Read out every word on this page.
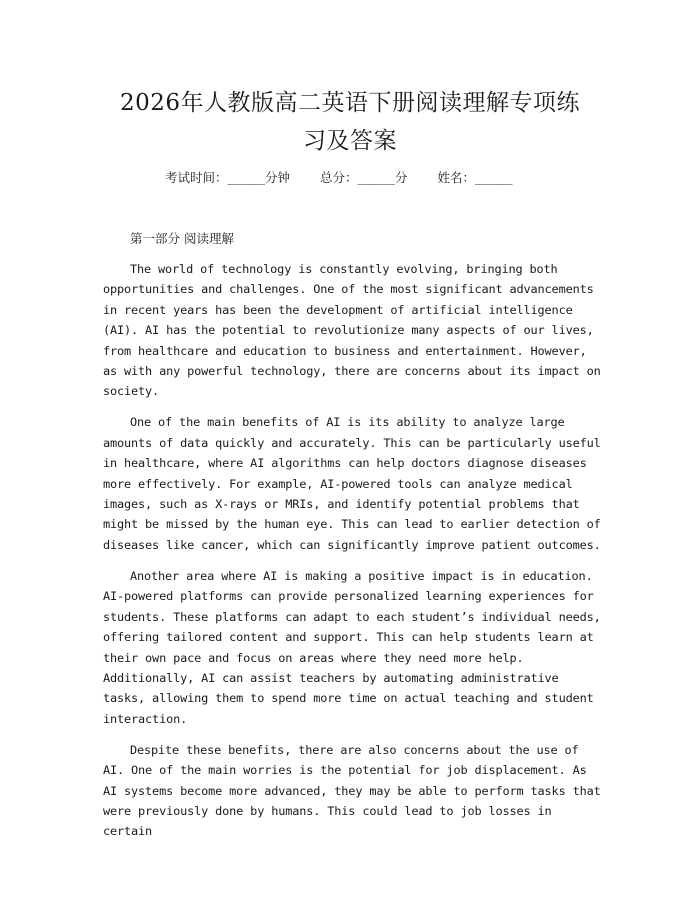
2026年人教版高二英语下册阅读理解专项练
习及答案
考试时间：______分钟 总分：______分 姓名：______
第一部分 阅读理解

The world of technology is constantly evolving, bringing both opportunities and challenges. One of the most significant advancements in recent years has been the development of artificial intelligence (AI). AI has the potential to revolutionize many aspects of our lives, from healthcare and education to business and entertainment. However, as with any powerful technology, there are concerns about its impact on society.

One of the main benefits of AI is its ability to analyze large amounts of data quickly and accurately. This can be particularly useful in healthcare, where AI algorithms can help doctors diagnose diseases more effectively. For example, AI-powered tools can analyze medical images, such as X-rays or MRIs, and identify potential problems that might be missed by the human eye. This can lead to earlier detection of diseases like cancer, which can significantly improve patient outcomes.

Another area where AI is making a positive impact is in education. AI-powered platforms can provide personalized learning experiences for students. These platforms can adapt to each student’s individual needs, offering tailored content and support. This can help students learn at their own pace and focus on areas where they need more help. Additionally, AI can assist teachers by automating administrative tasks, allowing them to spend more time on actual teaching and student interaction.

Despite these benefits, there are also concerns about the use of AI. One of the main worries is the potential for job displacement. As AI systems become more advanced, they may be able to perform tasks that were previously done by humans. This could lead to job losses in certain
